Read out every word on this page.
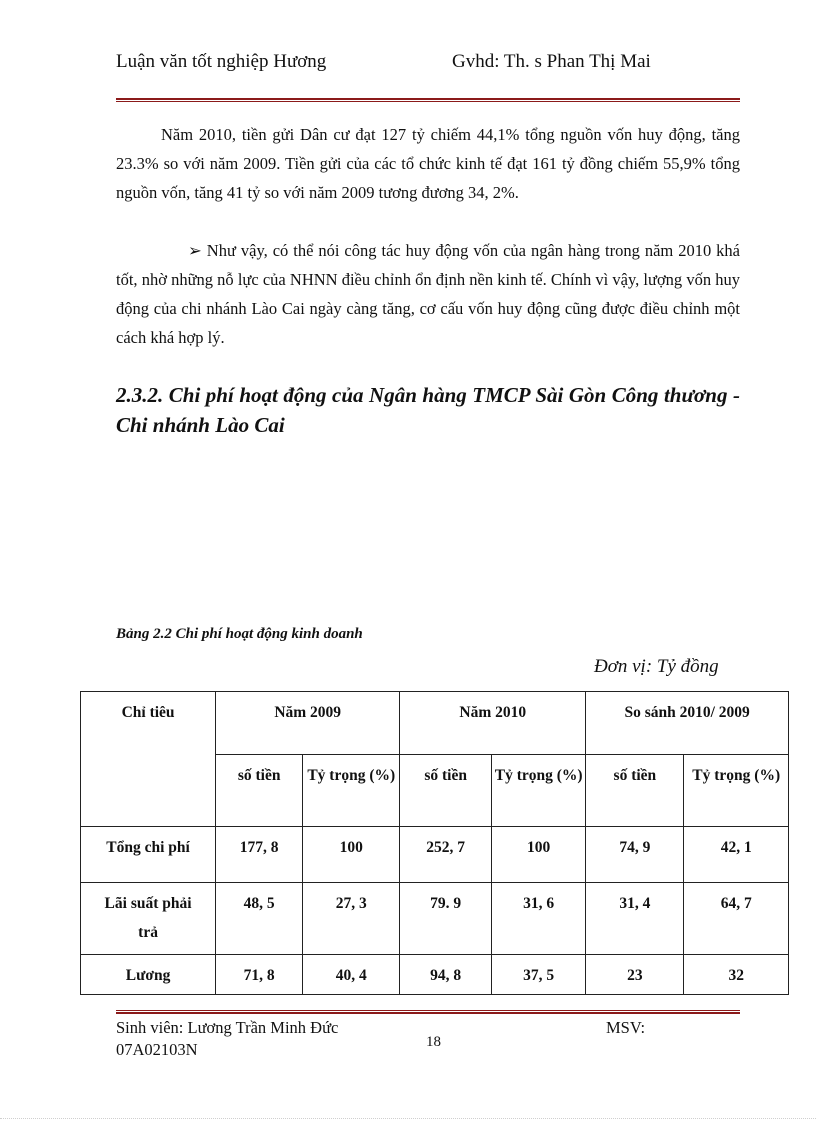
Luận văn tốt nghiệp Hương	Gvhd: Th. s Phan Thị Mai

Năm 2010, tiền gửi Dân cư đạt 127 tỷ chiếm 44,1% tổng nguồn vốn huy động, tăng 23.3% so với năm 2009. Tiền gửi của các tổ chức kinh tế đạt 161 tỷ đồng chiếm 55,9% tổng nguồn vốn, tăng 41 tỷ so với năm 2009 tương đương 34, 2%.

➢ Như vậy, có thể nói công tác huy động vốn của ngân hàng trong năm 2010 khá tốt, nhờ những nỗ lực của NHNN điều chỉnh ổn định nền kinh tế. Chính vì vậy, lượng vốn huy động của chi nhánh Lào Cai ngày càng tăng, cơ cấu vốn huy động cũng được điều chỉnh một cách khá hợp lý.

2.3.2. Chi phí hoạt động của Ngân hàng TMCP Sài Gòn Công thương - Chi nhánh Lào Cai
Bảng 2.2 Chi phí hoạt động kinh doanh
Đơn vị: Tỷ đồng
Chỉ tiêu	Năm 2009		Năm 2010		So sánh 2010/ 2009	
	số tiền	Tỷ trọng (%)	số tiền	Tỷ trọng (%)	số tiền	Tỷ trọng (%)
Tổng chi phí	177, 8	100	252, 7	100	74, 9	42, 1
Lãi suất phải trả	48, 5	27, 3	79. 9	31, 6	31, 4	64, 7
Lương	71, 8	40, 4	94, 8	37, 5	23	32
Sinh viên: Lương Trần Minh Đức 07A02103N	18
MSV:
